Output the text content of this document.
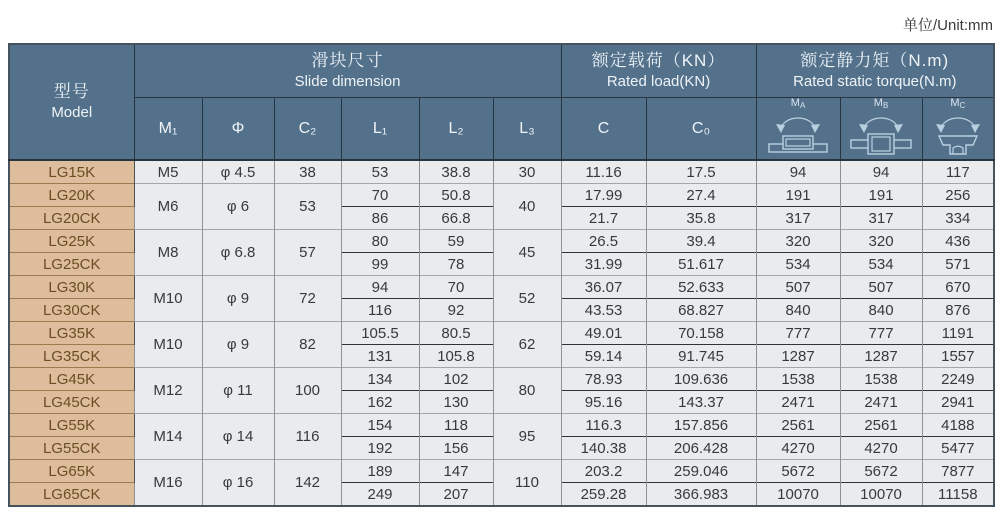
单位/Unit:mm
型号
Model

滑块尺寸
Slide dimension

额定载荷（KN）
Rated load(KN)

额定静力矩（N.m)
Rated static torque(N.m)

	M₁	Φ	C₂	L₁	L₂	L₃	C	C₀	$M_A$	$M_B$	$M_C$

LG15K	M5	φ 4.5	38	53	38.8	30	11.16	17.5	94	94	117
LG20K	M6	φ 6	53	70	50.8	40	17.99	27.4	191	191	256
LG20CK				86	66.8		21.7	35.8	317	317	334
LG25K	M8	φ 6.8	57	80	59	45	26.5	39.4	320	320	436
LG25CK				99	78		31.99	51.617	534	534	571
LG30K	M10	φ 9	72	94	70	52	36.07	52.633	507	507	670
LG30CK				116	92		43.53	68.827	840	840	876
LG35K	M10	φ 9	82	105.5	80.5	62	49.01	70.158	777	777	1191
LG35CK				131	105.8		59.14	91.745	1287	1287	1557
LG45K	M12	φ 11	100	134	102	80	78.93	109.636	1538	1538	2249
LG45CK				162	130		95.16	143.37	2471	2471	2941
LG55K	M14	φ 14	116	154	118	95	116.3	157.856	2561	2561	4188
LG55CK				192	156		140.38	206.428	4270	4270	5477
LG65K	M16	φ 16	142	189	147	110	203.2	259.046	5672	5672	7877
LG65CK				249	207		259.28	366.983	10070	10070	11158
